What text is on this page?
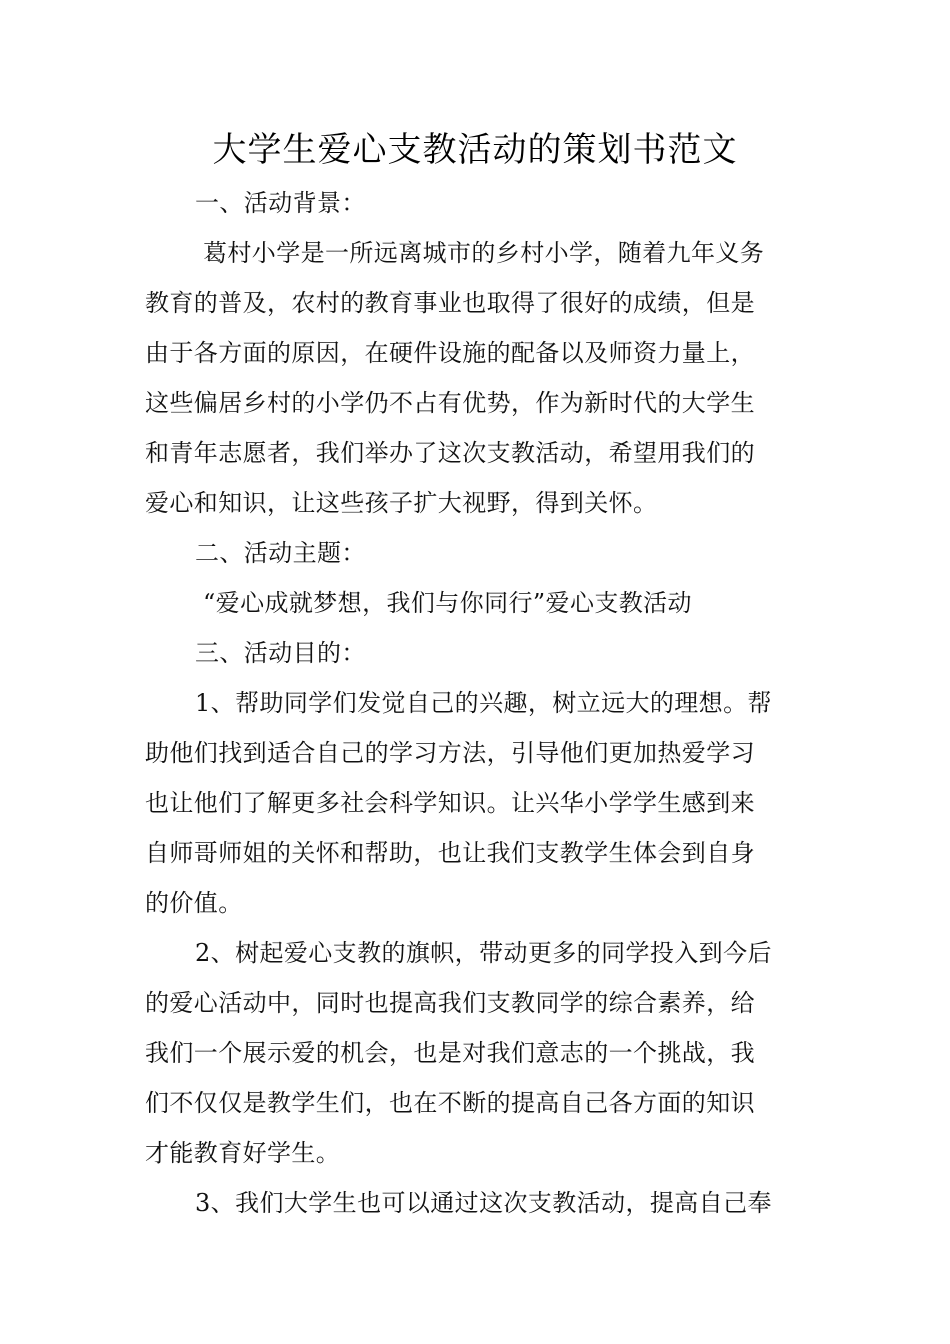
大学生爱心支教活动的策划书范文
一、活动背景：
葛村小学是一所远离城市的乡村小学，随着九年义务
教育的普及，农村的教育事业也取得了很好的成绩，但是
由于各方面的原因，在硬件设施的配备以及师资力量上，
这些偏居乡村的小学仍不占有优势，作为新时代的大学生
和青年志愿者，我们举办了这次支教活动，希望用我们的
爱心和知识，让这些孩子扩大视野，得到关怀。
二、活动主题：
“爱心成就梦想，我们与你同行”爱心支教活动
三、活动目的：
1、帮助同学们发觉自己的兴趣，树立远大的理想。帮
助他们找到适合自己的学习方法，引导他们更加热爱学习
也让他们了解更多社会科学知识。让兴华小学学生感到来
自师哥师姐的关怀和帮助，也让我们支教学生体会到自身
的价值。
2、树起爱心支教的旗帜，带动更多的同学投入到今后
的爱心活动中，同时也提高我们支教同学的综合素养，给
我们一个展示爱的机会，也是对我们意志的一个挑战，我
们不仅仅是教学生们，也在不断的提高自己各方面的知识
才能教育好学生。
3、我们大学生也可以通过这次支教活动，提高自己奉
